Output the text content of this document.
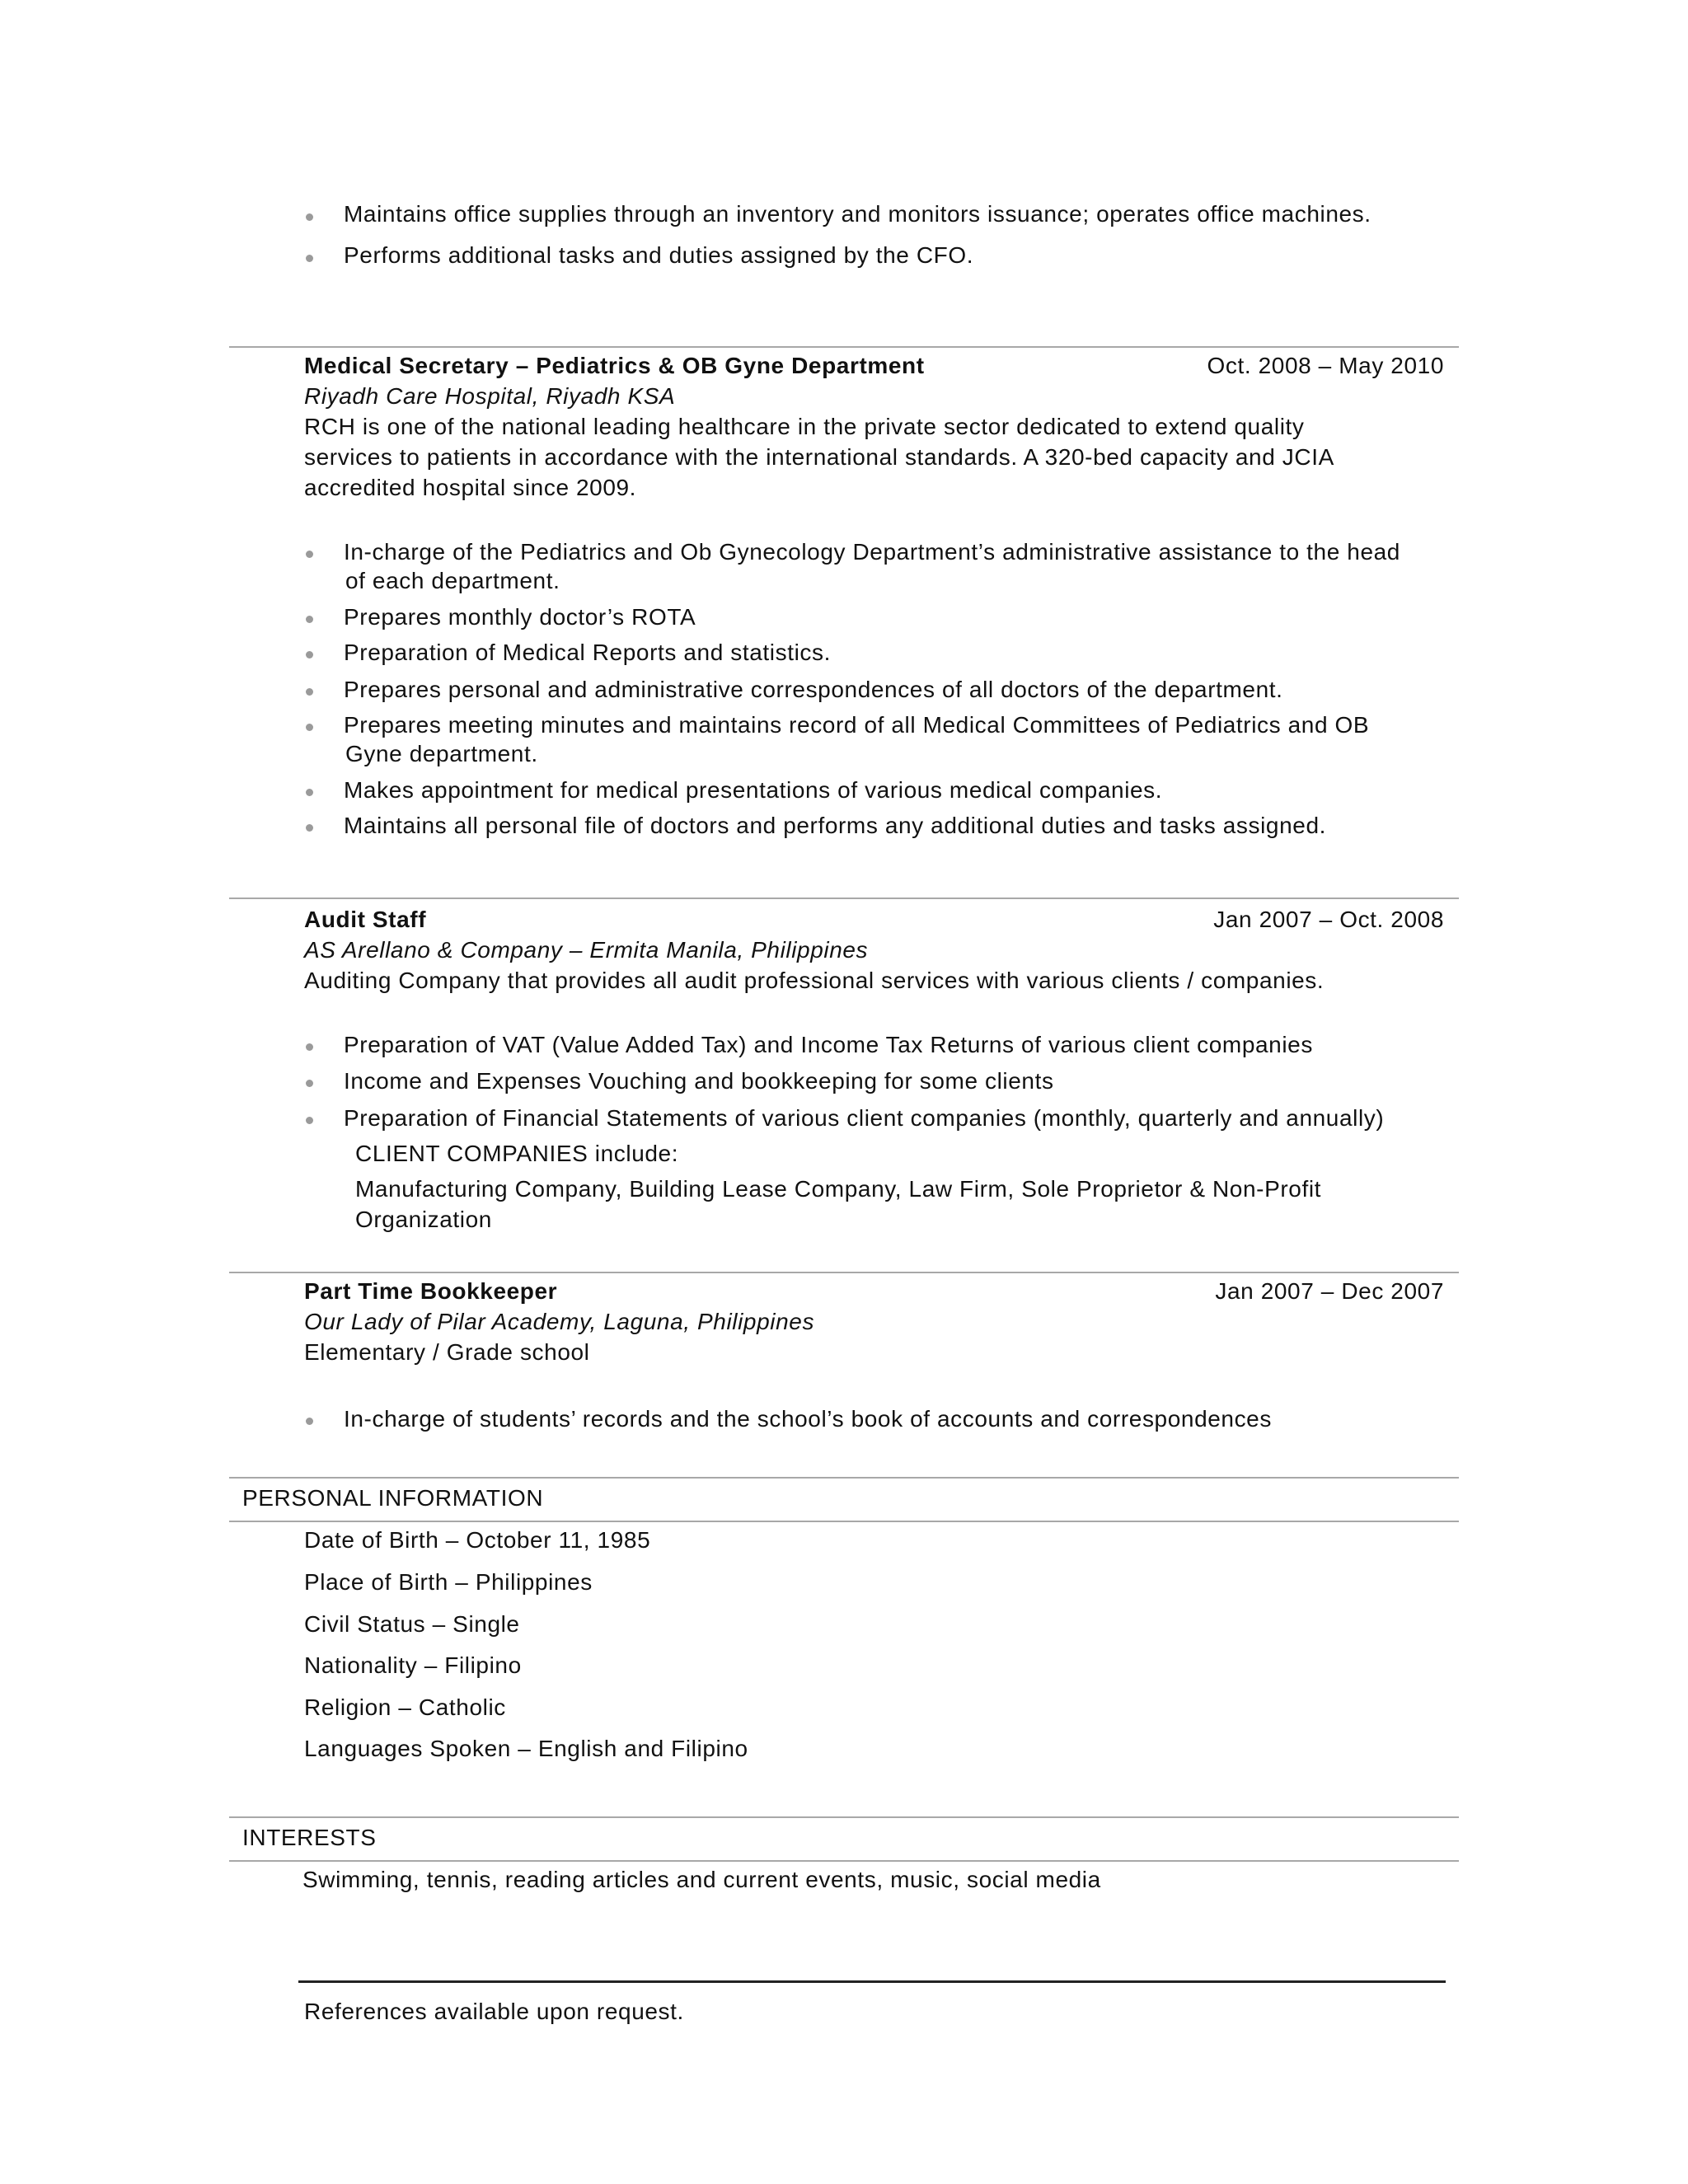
Maintains office supplies through an inventory and monitors issuance; operates office machines.
Performs additional tasks and duties assigned by the CFO.
Medical Secretary – Pediatrics & OB Gyne Department	Oct. 2008 – May 2010
Riyadh Care Hospital, Riyadh KSA
RCH is one of the national leading healthcare in the private sector dedicated to extend quality
services to patients in accordance with the international standards. A 320-bed capacity and JCIA
accredited hospital since 2009.
In-charge of the Pediatrics and Ob Gynecology Department’s administrative assistance to the head
of each department.
Prepares monthly doctor’s ROTA
Preparation of Medical Reports and statistics.
Prepares personal and administrative correspondences of all doctors of the department.
Prepares meeting minutes and maintains record of all Medical Committees of Pediatrics and OB
Gyne department.
Makes appointment for medical presentations of various medical companies.
Maintains all personal file of doctors and performs any additional duties and tasks assigned.
Audit Staff	Jan 2007 – Oct. 2008
AS Arellano & Company – Ermita Manila, Philippines
Auditing Company that provides all audit professional services with various clients / companies.
Preparation of VAT (Value Added Tax) and Income Tax Returns of various client companies
Income and Expenses Vouching and bookkeeping for some clients
Preparation of Financial Statements of various client companies (monthly, quarterly and annually)
CLIENT COMPANIES include:
Manufacturing Company, Building Lease Company, Law Firm, Sole Proprietor & Non-Profit
Organization
Part Time Bookkeeper	Jan 2007 – Dec 2007
Our Lady of Pilar Academy, Laguna, Philippines
Elementary / Grade school
In-charge of students’ records and the school’s book of accounts and correspondences
PERSONAL INFORMATION
Date of Birth – October 11, 1985
Place of Birth – Philippines
Civil Status – Single
Nationality – Filipino
Religion – Catholic
Languages Spoken – English and Filipino
INTERESTS
Swimming, tennis, reading articles and current events, music, social media
References available upon request.
